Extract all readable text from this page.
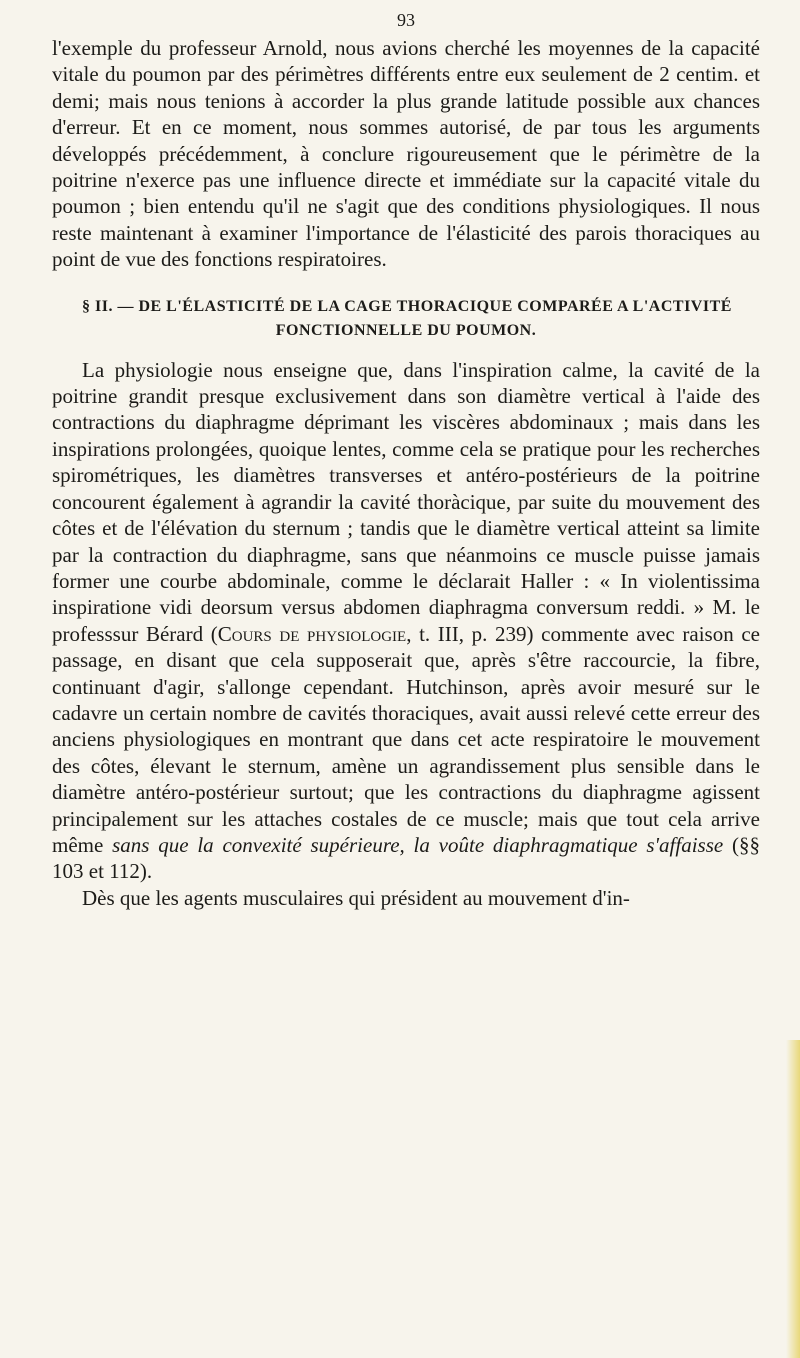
93

l'exemple du professeur Arnold, nous avions cherché les moyennes de la capacité vitale du poumon par des périmètres différents entre eux seulement de 2 centim. et demi; mais nous tenions à accorder la plus grande latitude possible aux chances d'erreur. Et en ce moment, nous sommes autorisé, de par tous les arguments développés précédemment, à conclure rigoureusement que le périmètre de la poitrine n'exerce pas une influence directe et immédiate sur la capacité vitale du poumon ; bien entendu qu'il ne s'agit que des conditions physiologiques. Il nous reste maintenant à examiner l'importance de l'élasticité des parois thoraciques au point de vue des fonctions respiratoires.

§ II. — DE L'ÉLASTICITÉ DE LA CAGE THORACIQUE COMPARÉE A L'ACTIVITÉ
FONCTIONNELLE DU POUMON.

La physiologie nous enseigne que, dans l'inspiration calme, la cavité de la poitrine grandit presque exclusivement dans son diamètre vertical à l'aide des contractions du diaphragme déprimant les viscères abdominaux ; mais dans les inspirations prolongées, quoique lentes, comme cela se pratique pour les recherches spirométriques, les diamètres transverses et antéro-postérieurs de la poitrine concourent également à agrandir la cavité thoràcique, par suite du mouvement des côtes et de l'élévation du sternum ; tandis que le diamètre vertical atteint sa limite par la contraction du diaphragme, sans que néanmoins ce muscle puisse jamais former une courbe abdominale, comme le déclarait Haller : « In violentissima inspiratione vidi deorsum versus abdomen diaphragma conversum reddi. » M. le professsur Bérard (Cours de physiologie, t. III, p. 239) commente avec raison ce passage, en disant que cela supposerait que, après s'être raccourcie, la fibre, continuant d'agir, s'allonge cependant. Hutchinson, après avoir mesuré sur le cadavre un certain nombre de cavités thoraciques, avait aussi relevé cette erreur des anciens physiologiques en montrant que dans cet acte respiratoire le mouvement des côtes, élevant le sternum, amène un agrandissement plus sensible dans le diamètre antéro-postérieur surtout; que les contractions du diaphragme agissent principalement sur les attaches costales de ce muscle; mais que tout cela arrive même sans que la convexité supérieure, la voûte diaphragmatique s'affaisse (§§ 103 et 112).

Dès que les agents musculaires qui président au mouvement d'in-
